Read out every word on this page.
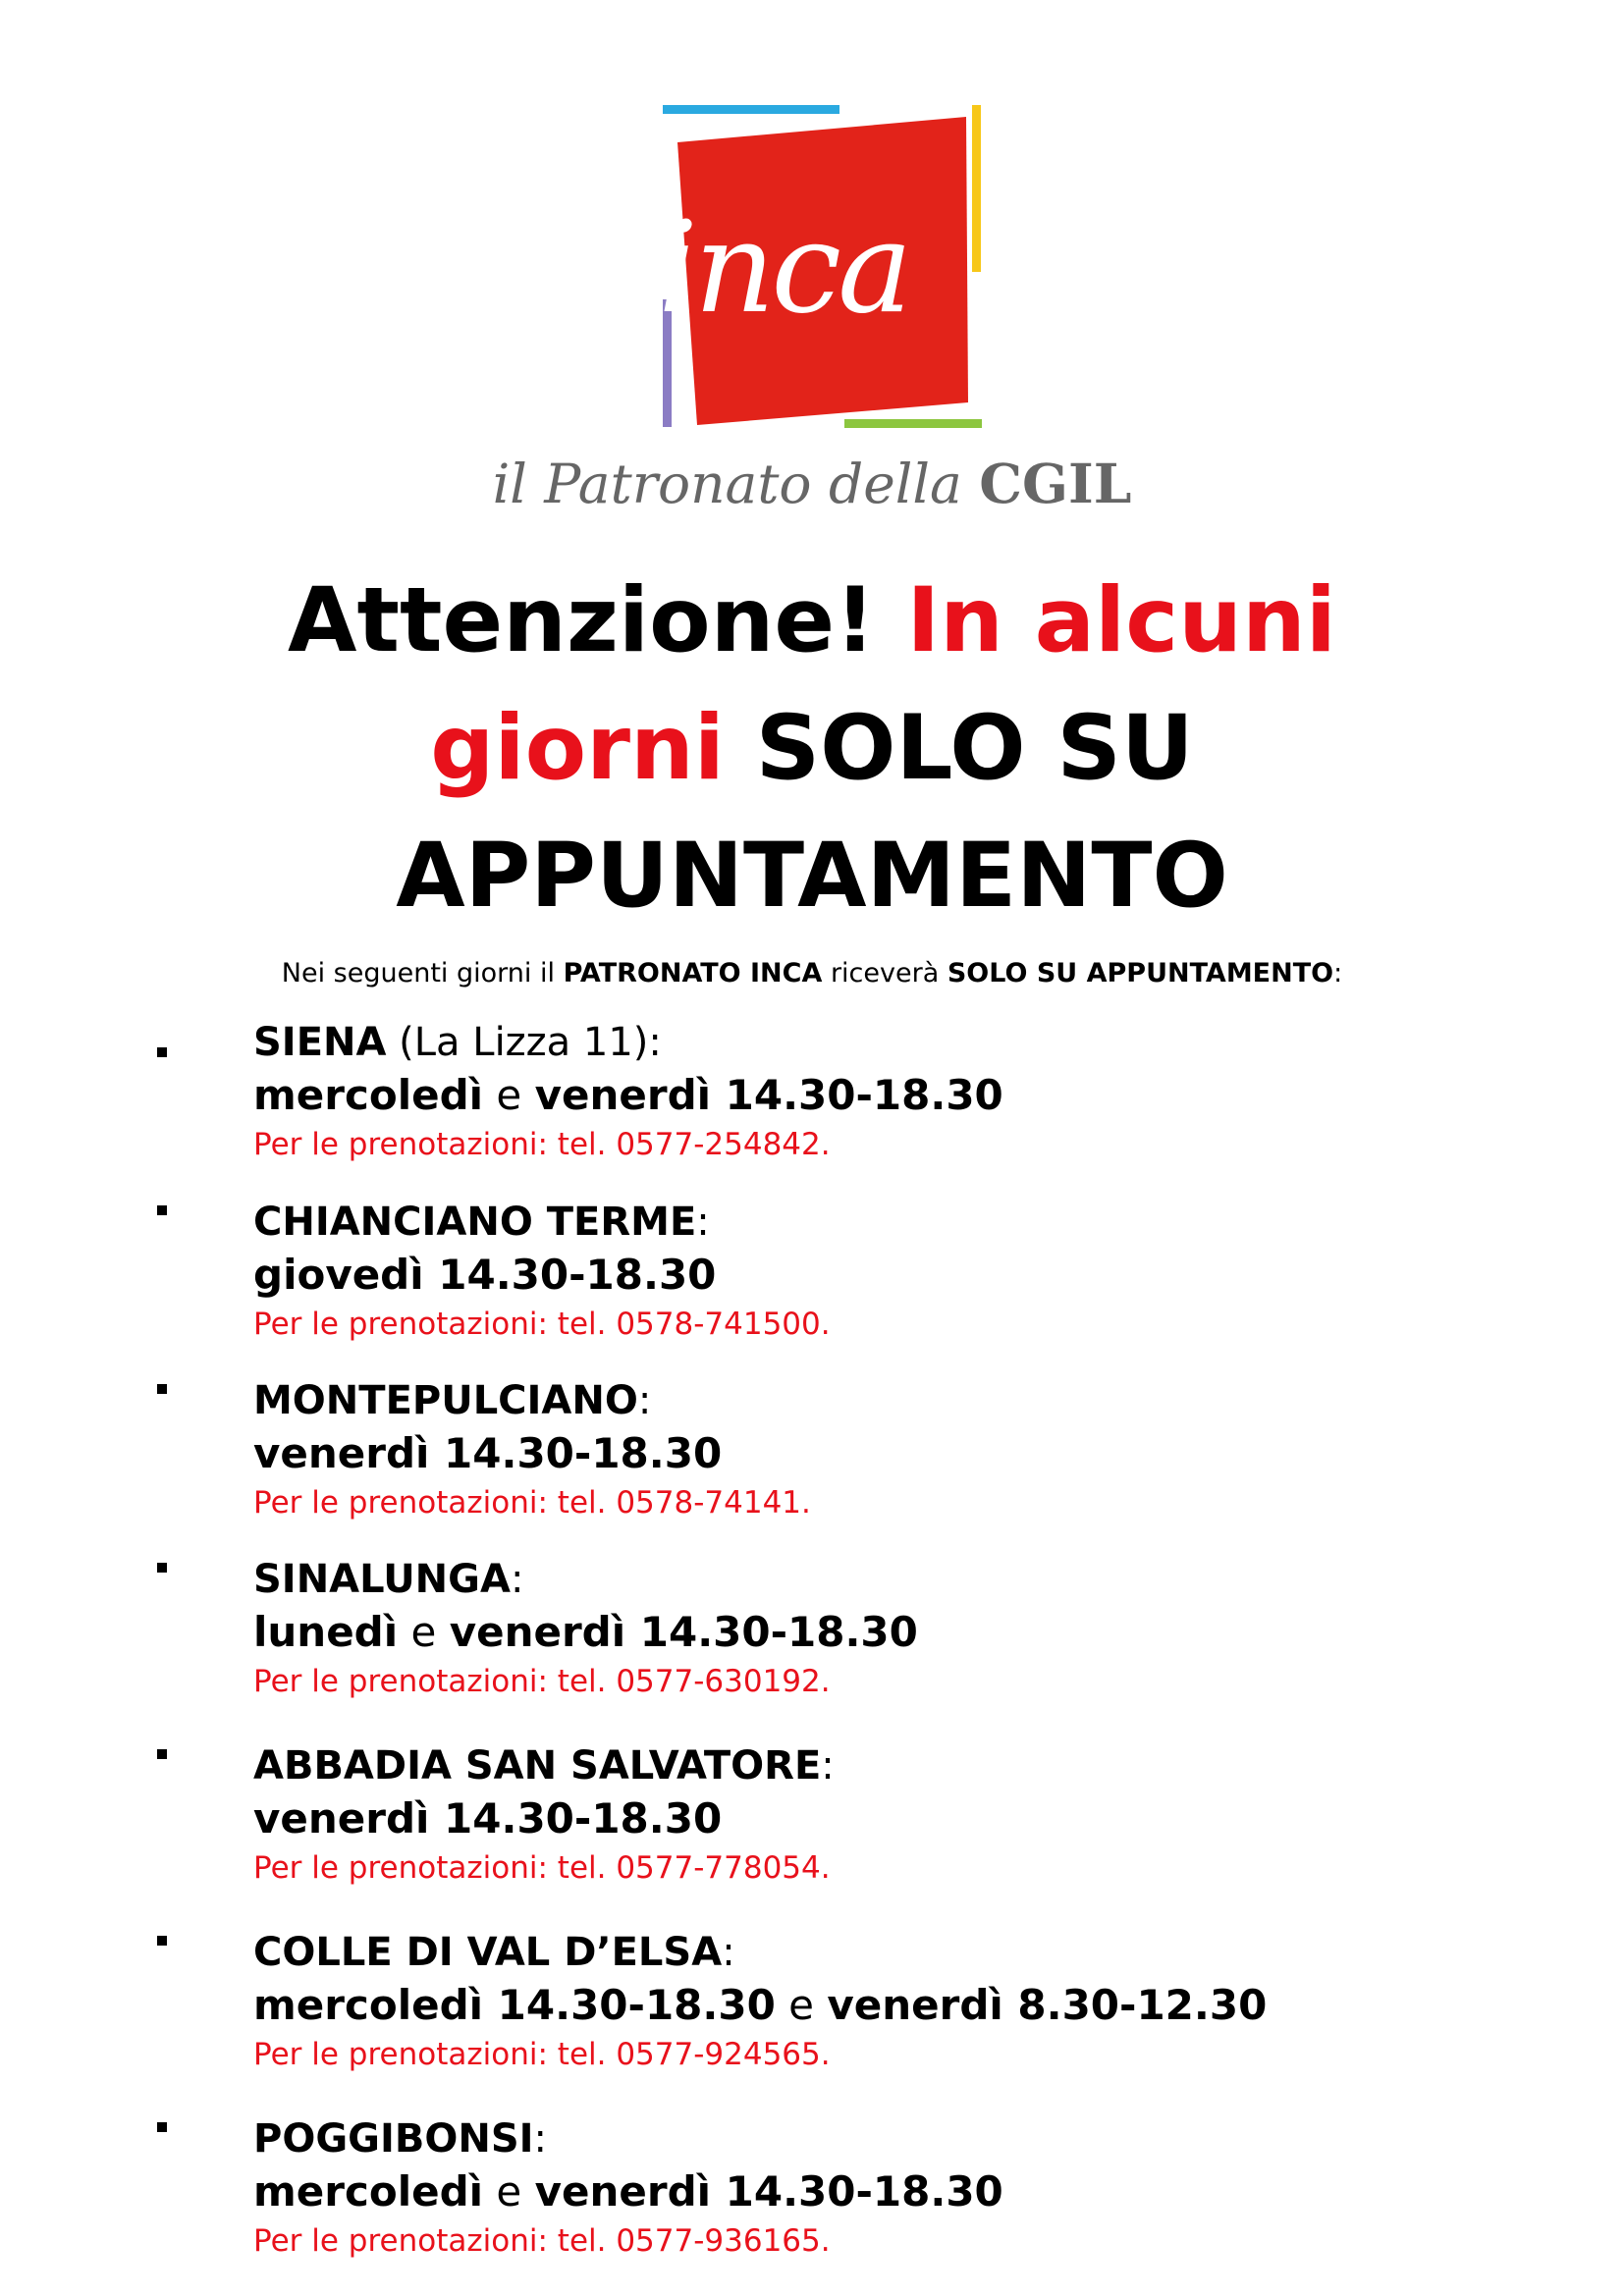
inca
il Patronato della CGIL
Attenzione! In alcuni
giorni SOLO SU
APPUNTAMENTO
Nei seguenti giorni il PATRONATO INCA riceverà SOLO SU APPUNTAMENTO:
SIENA (La Lizza 11):
mercoledì e venerdì 14.30-18.30
Per le prenotazioni: tel. 0577-254842.
CHIANCIANO TERME:
giovedì 14.30-18.30
Per le prenotazioni: tel. 0578-741500.
MONTEPULCIANO:
venerdì 14.30-18.30
Per le prenotazioni: tel. 0578-74141.
SINALUNGA:
lunedì e venerdì 14.30-18.30
Per le prenotazioni: tel. 0577-630192.
ABBADIA SAN SALVATORE:
venerdì 14.30-18.30
Per le prenotazioni: tel. 0577-778054.
COLLE DI VAL D’ELSA:
mercoledì 14.30-18.30 e venerdì 8.30-12.30
Per le prenotazioni: tel. 0577-924565.
POGGIBONSI:
mercoledì e venerdì 14.30-18.30
Per le prenotazioni: tel. 0577-936165.
